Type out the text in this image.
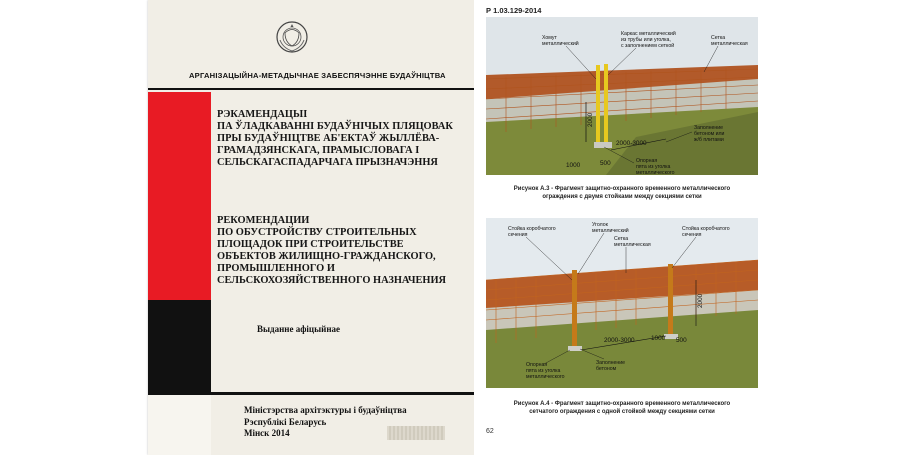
АРГАНІЗАЦЫЙНА-МЕТАДЫЧНАЕ ЗАБЕСПЯЧЭННЕ БУДАЎНІЦТВА
РЭКАМЕНДАЦЫІ
ПА ЎЛАДКАВАННІ БУДАЎНІЧЫХ ПЛЯЦОВАК
ПРЫ БУДАЎНІЦТВЕ АБ'ЕКТАЎ ЖЫЛЛЁВА-
ГРАМАДЗЯНСКАГА, ПРАМЫСЛОВАГА І
СЕЛЬСКАГАСПАДАРЧАГА ПРЫЗНАЧЭННЯ
РЕКОМЕНДАЦИИ
ПО ОБУСТРОЙСТВУ СТРОИТЕЛЬНЫХ
ПЛОЩАДОК ПРИ СТРОИТЕЛЬСТВЕ
ОБЪЕКТОВ ЖИЛИЩНО-ГРАЖДАНСКОГО,
ПРОМЫШЛЕННОГО И
СЕЛЬСКОХОЗЯЙСТВЕННОГО НАЗНАЧЕНИЯ
Выданне афіцыйнае
Міністэрства архітэктуры і будаўніцтва
Рэспублікі Беларусь
Мінск 2014
Р 1.03.129-2014
2000
2000-3000
1000	500
Хомут
металлический
Каркас металлический
из трубы или уголка,
с заполнением сеткой
Сетка
металлическая
Заполнение
бетоном или
ж/б плитами
Опорная
пята из уголка
металлического
Рисунок А.3 - Фрагмент защитно-охранного временного металлического
ограждения с двумя стойками между секциями сетки
2000
2000-3000	1000 500
Стойка коробчатого
сечения
Уголок
металлический
Сетка
металлическая
Стойка коробчатого
сечения
Опорная
пята из уголка
металлического
Заполнение
бетоном
Рисунок А.4 - Фрагмент защитно-охранного временного металлического
сетчатого ограждения с одной стойкой между секциями сетки
62
